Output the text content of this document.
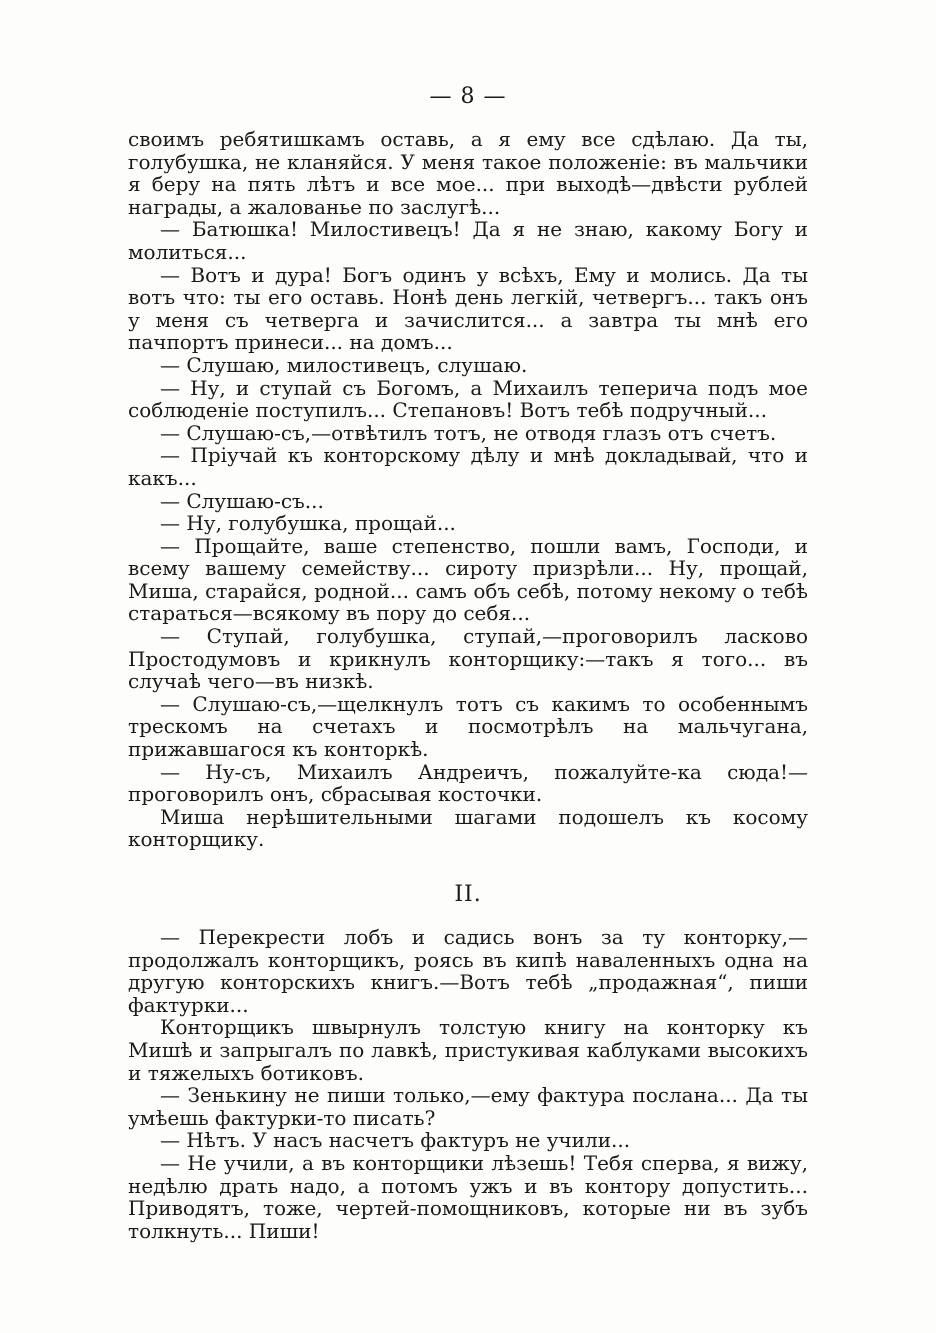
— 8 —

своимъ ребятишкамъ оставь, а я ему все сдѣлаю. Да ты, голубушка, не кланяйся. У меня такое положеніе: въ мальчики я беру на пять лѣтъ и все мое... при выходѣ—двѣсти рублей награды, а жалованье по заслугѣ...

— Батюшка! Милостивецъ! Да я не знаю, какому Богу и молиться...

— Вотъ и дура! Богъ одинъ у всѣхъ, Ему и молись. Да ты вотъ что: ты его оставь. Нонѣ день легкій, четвергъ... такъ онъ у меня съ четверга и зачислится... а завтра ты мнѣ его пачпортъ принеси... на домъ...

— Слушаю, милостивецъ, слушаю.

— Ну, и ступай съ Богомъ, а Михаилъ теперича подъ мое соблюденіе поступилъ... Степановъ! Вотъ тебѣ подручный...

— Слушаю-съ,—отвѣтилъ тотъ, не отводя глазъ отъ счетъ.

— Пріучай къ конторскому дѣлу и мнѣ докладывай, что и какъ...

— Слушаю-съ...

— Ну, голубушка, прощай...

— Прощайте, ваше степенство, пошли вамъ, Господи, и всему вашему семейству... сироту призрѣли... Ну, прощай, Миша, старайся, родной... самъ объ себѣ, потому некому о тебѣ стараться—всякому въ пору до себя...

— Ступай, голубушка, ступай,—проговорилъ ласково Простодумовъ и крикнулъ конторщику:—такъ я того... въ случаѣ чего—въ низкѣ.

— Слушаю-съ,—щелкнулъ тотъ съ какимъ то особеннымъ трескомъ на счетахъ и посмотрѣлъ на мальчугана, прижавшагося къ конторкѣ.

— Ну-съ, Михаилъ Андреичъ, пожалуйте-ка сюда!—проговорилъ онъ, сбрасывая косточки.

Миша нерѣшительными шагами подошелъ къ косому конторщику.

II.

— Перекрести лобъ и садись вонъ за ту конторку,—продолжалъ конторщикъ, роясь въ кипѣ наваленныхъ одна на другую конторскихъ книгъ.—Вотъ тебѣ „продажная“, пиши фактурки...

Конторщикъ швырнулъ толстую книгу на конторку къ Мишѣ и запрыгалъ по лавкѣ, пристукивая каблуками высокихъ и тяжелыхъ ботиковъ.

— Зенькину не пиши только,—ему фактура послана... Да ты умѣешь фактурки-то писать?

— Нѣтъ. У насъ насчетъ фактуръ не учили...

— Не учили, а въ конторщики лѣзешь! Тебя сперва, я вижу, недѣлю драть надо, а потомъ ужъ и въ контору допустить... Приводятъ, тоже, чертей-помощниковъ, которые ни въ зубъ толкнуть... Пиши!
